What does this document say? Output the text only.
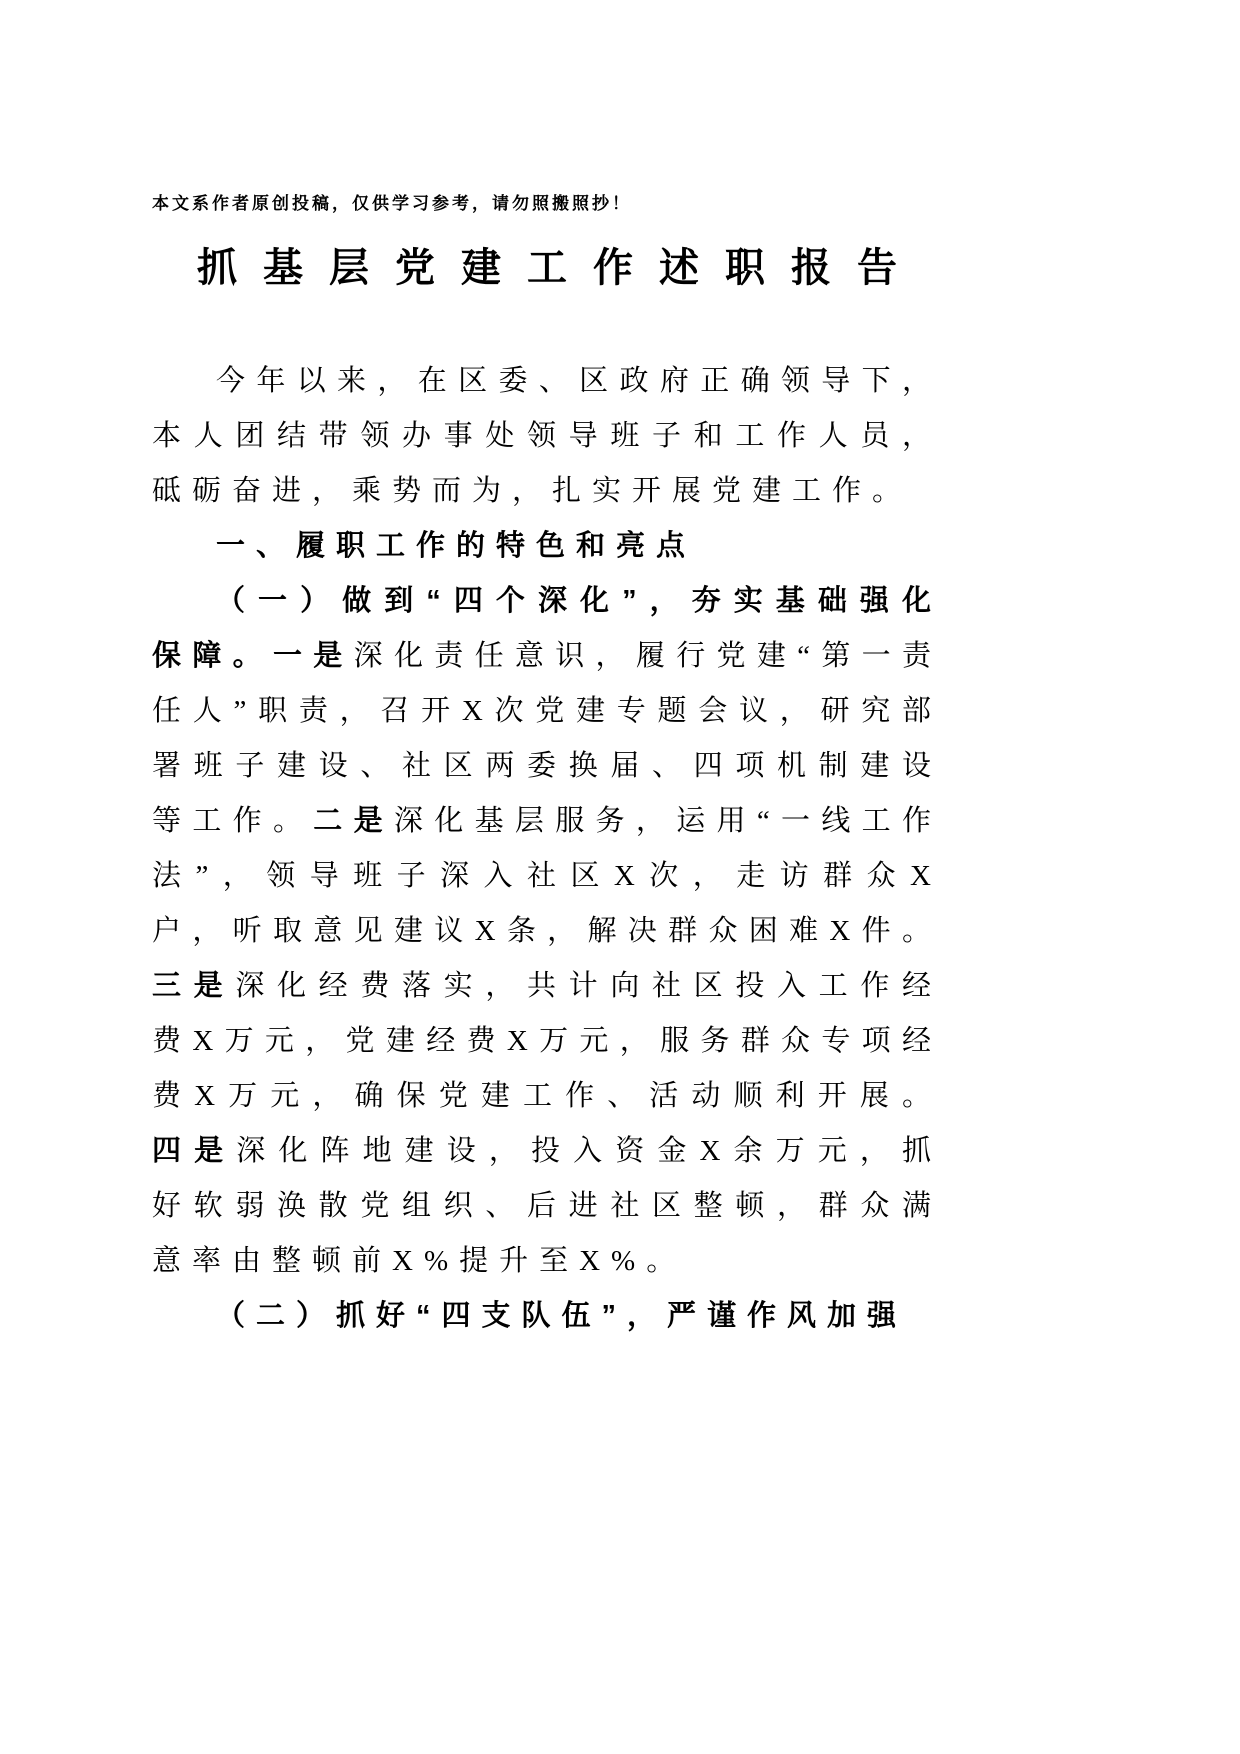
本文系作者原创投稿，仅供学习参考，请勿照搬照抄！

抓基层党建工作述职报告

今年以来，在区委、区政府正确领导下，本人团结带领办事处领导班子和工作人员，砥砺奋进，乘势而为，扎实开展党建工作。

一、履职工作的特色和亮点

（一）做到“四个深化”，夯实基础强化保障。一是深化责任意识，履行党建“第一责任人”职责，召开X次党建专题会议，研究部署班子建设、社区两委换届、四项机制建设等工作。二是深化基层服务，运用“一线工作法”，领导班子深入社区X次，走访群众X户，听取意见建议X条，解决群众困难X件。三是深化经费落实，共计向社区投入工作经费X万元，党建经费X万元，服务群众专项经费X万元，确保党建工作、活动顺利开展。四是深化阵地建设，投入资金X余万元，抓好软弱涣散党组织、后进社区整顿，群众满意率由整顿前X%提升至X%。

（二）抓好“四支队伍”，严谨作风加强
